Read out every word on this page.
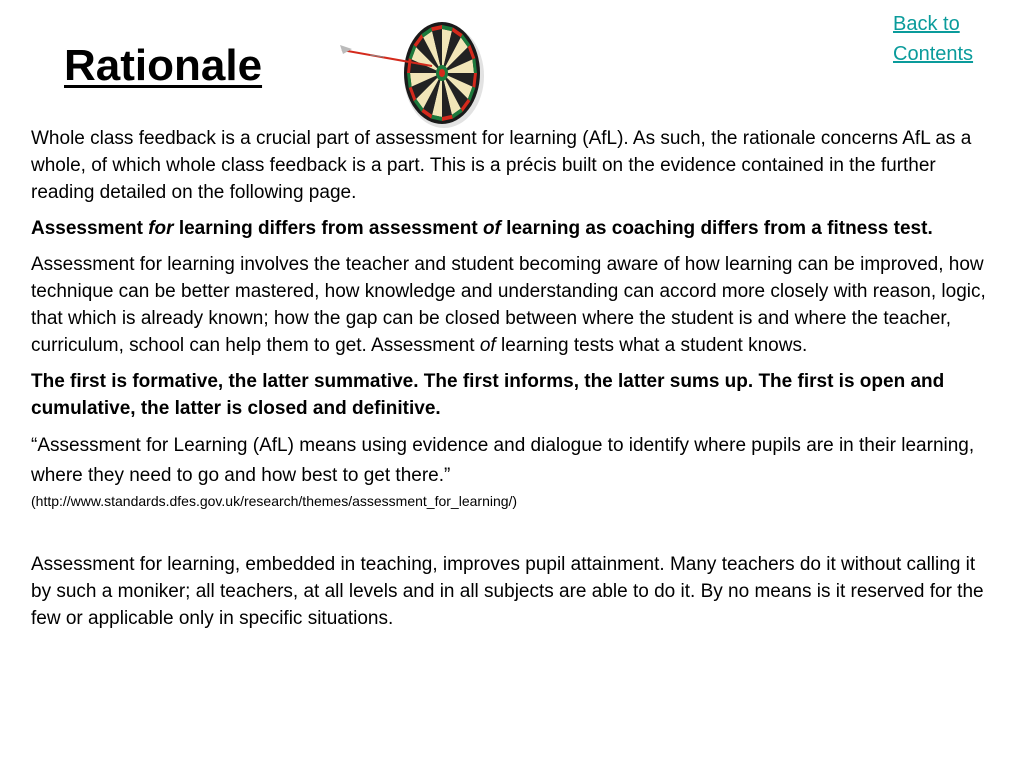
Rationale
Back to
Contents

Whole class feedback is a crucial part of assessment for learning (AfL). As such, the rationale concerns AfL as a whole, of which whole class feedback is a part. This is a précis built on the evidence contained in the further reading detailed on the following page.

Assessment for learning differs from assessment of learning as coaching differs from a fitness test.

Assessment for learning involves the teacher and student becoming aware of how learning can be improved, how technique can be better mastered, how knowledge and understanding can accord more closely with reason, logic, that which is already known; how the gap can be closed between where the student is and where the teacher, curriculum, school can help them to get. Assessment of learning tests what a student knows.

The first is formative, the latter summative. The first informs, the latter sums up. The first is open and cumulative, the latter is closed and definitive.

“Assessment for Learning (AfL) means using evidence and dialogue to identify where pupils are in their learning, where they need to go and how best to get there.”

(http://www.standards.dfes.gov.uk/research/themes/assessment_for_learning/)

Assessment for learning, embedded in teaching, improves pupil attainment. Many teachers do it without calling it by such a moniker; all teachers, at all levels and in all subjects are able to do it. By no means is it reserved for the few or applicable only in specific situations.
